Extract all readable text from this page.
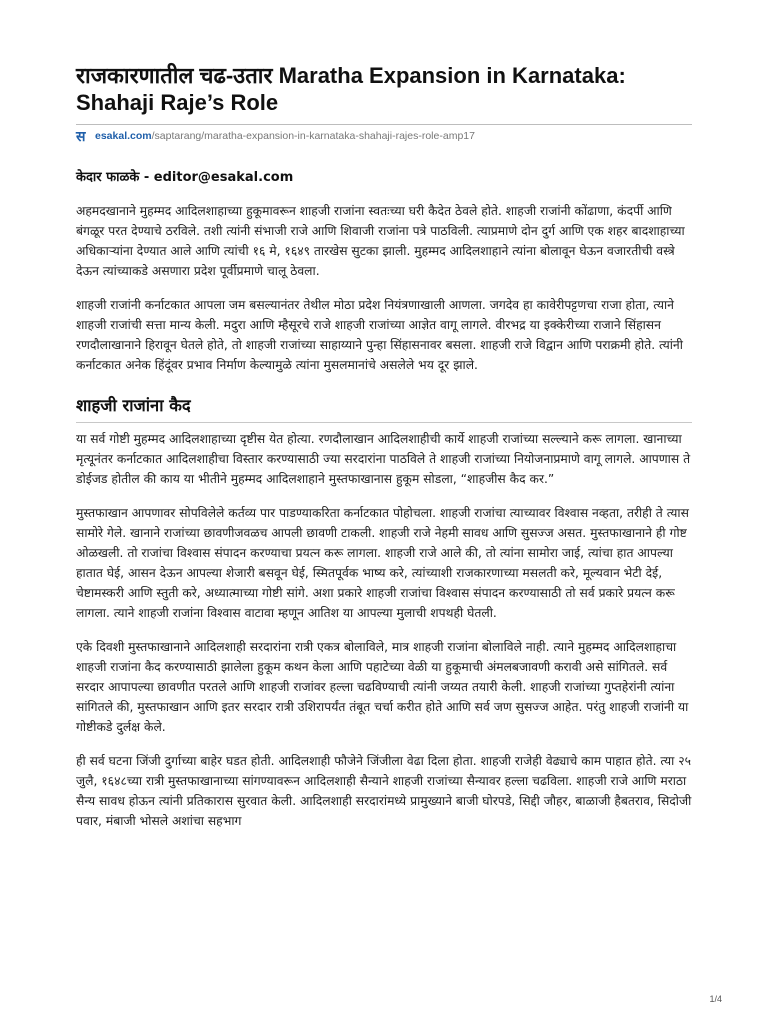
राजकारणातील चढ-उतार Maratha Expansion in Karnataka: Shahaji Raje’s Role
स esakal.com/saptarang/maratha-expansion-in-karnataka-shahaji-rajes-role-amp17
केदार फाळके - editor@esakal.com

अहमदखानाने मुहम्मद आदिलशाहाच्या हुकूमावरून शाहजी राजांना स्वतःच्या घरी कैदेत ठेवले होते. शाहजी राजांनी कोंढाणा, कंदर्पी आणि बंगळूर परत देण्याचे ठरविले. तशी त्यांनी संभाजी राजे आणि शिवाजी राजांना पत्रे पाठविली. त्याप्रमाणे दोन दुर्ग आणि एक शहर बादशाहाच्या अधिकाऱ्यांना देण्यात आले आणि त्यांची १६ मे, १६४९ तारखेस सुटका झाली. मुहम्मद आदिलशाहाने त्यांना बोलावून घेऊन वजारतीची वस्त्रे देऊन त्यांच्याकडे असणारा प्रदेश पूर्वीप्रमाणे चालू ठेवला.

शाहजी राजांनी कर्नाटकात आपला जम बसल्यानंतर तेथील मोठा प्रदेश नियंत्रणाखाली आणला. जगदेव हा कावेरीपट्टणचा राजा होता, त्याने शाहजी राजांची सत्ता मान्य केली. मदुरा आणि म्हैसूरचे राजे शाहजी राजांच्या आज्ञेत वागू लागले. वीरभद्र या इक्केरीच्या राजाने सिंहासन रणदौलाखानाने हिरावून घेतले होते, तो शाहजी राजांच्या साहाय्याने पुन्हा सिंहासनावर बसला. शाहजी राजे विद्वान आणि पराक्रमी होते. त्यांनी कर्नाटकात अनेक हिंदूंवर प्रभाव निर्माण केल्यामुळे त्यांना मुसलमानांचे असलेले भय दूर झाले.

शाहजी राजांना कैद

या सर्व गोष्टी मुहम्मद आदिलशाहाच्या दृष्टीस येत होत्या. रणदौलाखान आदिलशाहीची कार्ये शाहजी राजांच्या सल्ल्याने करू लागला. खानाच्या मृत्यूनंतर कर्नाटकात आदिलशाहीचा विस्तार करण्यासाठी ज्या सरदारांना पाठविले ते शाहजी राजांच्या नियोजनाप्रमाणे वागू लागले. आपणास ते डोईजड होतील की काय या भीतीने मुहम्मद आदिलशाहाने मुस्तफाखानास हुकूम सोडला, “शाहजीस कैद कर.”

मुस्तफाखान आपणावर सोपविलेले कर्तव्य पार पाडण्याकरिता कर्नाटकात पोहोचला. शाहजी राजांचा त्याच्यावर विश्वास नव्हता, तरीही ते त्यास सामोरे गेले. खानाने राजांच्या छावणीजवळच आपली छावणी टाकली. शाहजी राजे नेहमी सावध आणि सुसज्ज असत. मुस्तफाखानाने ही गोष्ट ओळखली. तो राजांचा विश्वास संपादन करण्याचा प्रयत्न करू लागला. शाहजी राजे आले की, तो त्यांना सामोरा जाई, त्यांचा हात आपल्या हातात घेई, आसन देऊन आपल्या शेजारी बसवून घेई, स्मितपूर्वक भाष्य करे, त्यांच्याशी राजकारणाच्या मसलती करे, मूल्यवान भेटी देई, चेष्टामस्करी आणि स्तुती करे, अध्यात्माच्या गोष्टी सांगे. अशा प्रकारे शाहजी राजांचा विश्वास संपादन करण्यासाठी तो सर्व प्रकारे प्रयत्न करू लागला. त्याने शाहजी राजांना विश्वास वाटावा म्हणून आतिश या आपल्या मुलाची शपथही घेतली.

एके दिवशी मुस्तफाखानाने आदिलशाही सरदारांना रात्री एकत्र बोलाविले, मात्र शाहजी राजांना बोलाविले नाही. त्याने मुहम्मद आदिलशाहाचा शाहजी राजांना कैद करण्यासाठी झालेला हुकूम कथन केला आणि पहाटेच्या वेळी या हुकूमाची अंमलबजावणी करावी असे सांगितले. सर्व सरदार आपापल्या छावणीत परतले आणि शाहजी राजांवर हल्ला चढविण्याची त्यांनी जय्यत तयारी केली. शाहजी राजांच्या गुप्तहेरांनी त्यांना सांगितले की, मुस्तफाखान आणि इतर सरदार रात्री उशिरापर्यंत तंबूत चर्चा करीत होते आणि सर्व जण सुसज्ज आहेत. परंतु शाहजी राजांनी या गोष्टीकडे दुर्लक्ष केले.

ही सर्व घटना जिंजी दुर्गाच्या बाहेर घडत होती. आदिलशाही फौजेने जिंजीला वेढा दिला होता. शाहजी राजेही वेढ्याचे काम पाहात होते. त्या २५ जुलै, १६४८च्या रात्री मुस्तफाखानाच्या सांगण्यावरून आदिलशाही सैन्याने शाहजी राजांच्या सैन्यावर हल्ला चढविला. शाहजी राजे आणि मराठा सैन्य सावध होऊन त्यांनी प्रतिकारास सुरवात केली. आदिलशाही सरदारांमध्ये प्रामुख्याने बाजी घोरपडे, सिद्दी जौहर, बाळाजी हैबतराव, सिदोजी पवार, मंबाजी भोसले अशांचा सहभाग

1/4
